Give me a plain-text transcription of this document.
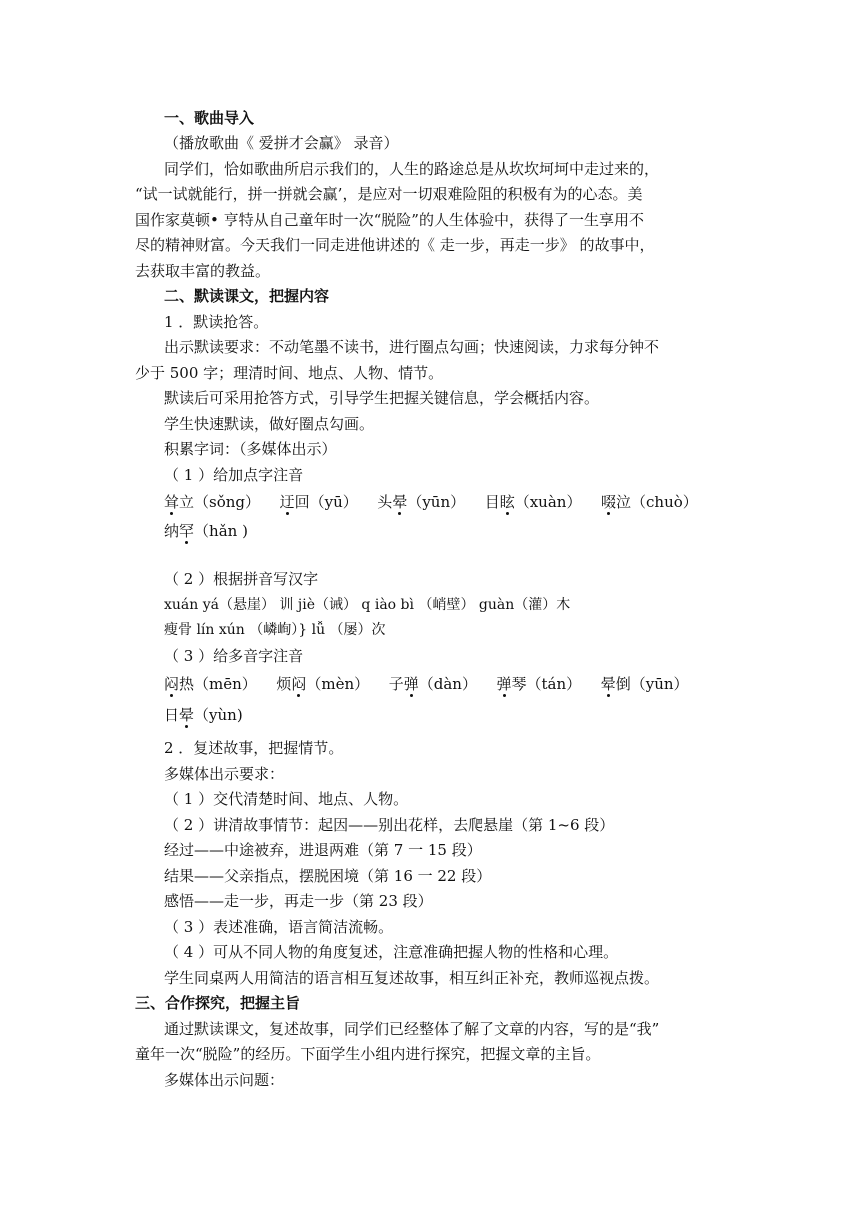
一、歌曲导入
（播放歌曲《 爱拼才会赢》 录音）
同学们，恰如歌曲所启示我们的，人生的路途总是从坎坎坷坷中走过来的，
“试一试就能行，拼一拼就会赢’，是应对一切艰难险阻的积极有为的心态。美
国作家莫顿• 亨特从自己童年时一次“脱险”的人生体验中，获得了一生享用不
尽的精神财富。今天我们一同走进他讲述的《 走一步，再走一步》 的故事中，
去获取丰富的教益。
二、默读课文，把握内容
1 ．默读抢答。
出示默读要求：不动笔墨不读书，进行圈点勾画；快速阅读，力求每分钟不
少于 500 字；理清时间、地点、人物、情节。
默读后可采用抢答方式，引导学生把握关键信息，学会概括内容。
学生快速默读，做好圈点勾画。
积累字词：（多媒体出示）
（ 1 ）给加点字注音
耸立（sǒng） 迂回（yū） 头晕（yūn） 目眩（xuàn） 啜泣（chuò）
纳罕（hǎn )
（ 2 ）根据拼音写汉字
xuán yá（悬崖） 训 jiè（诫） q iào bì （峭壁） guàn（灌）木
瘦骨 lín xún （嶙峋）} lǚ （屡）次
（ 3 ）给多音字注音
闷热（mēn） 烦闷（mèn） 子弹（dàn） 弹琴（tán） 晕倒（yūn）
日晕（yùn)
2 ．复述故事，把握情节。
多媒体出示要求：
（ 1 ）交代清楚时间、地点、人物。
（ 2 ）讲清故事情节：起因——别出花样，去爬悬崖（第 1~6 段）
经过——中途被弃，进退两难（第 7 一 15 段）
结果——父亲指点，摆脱困境（第 16 一 22 段）
感悟——走一步，再走一步（第 23 段）
（ 3 ）表述准确，语言简洁流畅。
（ 4 ）可从不同人物的角度复述，注意准确把握人物的性格和心理。
学生同桌两人用简洁的语言相互复述故事，相互纠正补充，教师巡视点拨。
三、合作探究，把握主旨
通过默读课文，复述故事，同学们已经整体了解了文章的内容，写的是“我”
童年一次“脱险”的经历。下面学生小组内进行探究，把握文章的主旨。
多媒体出示问题：
